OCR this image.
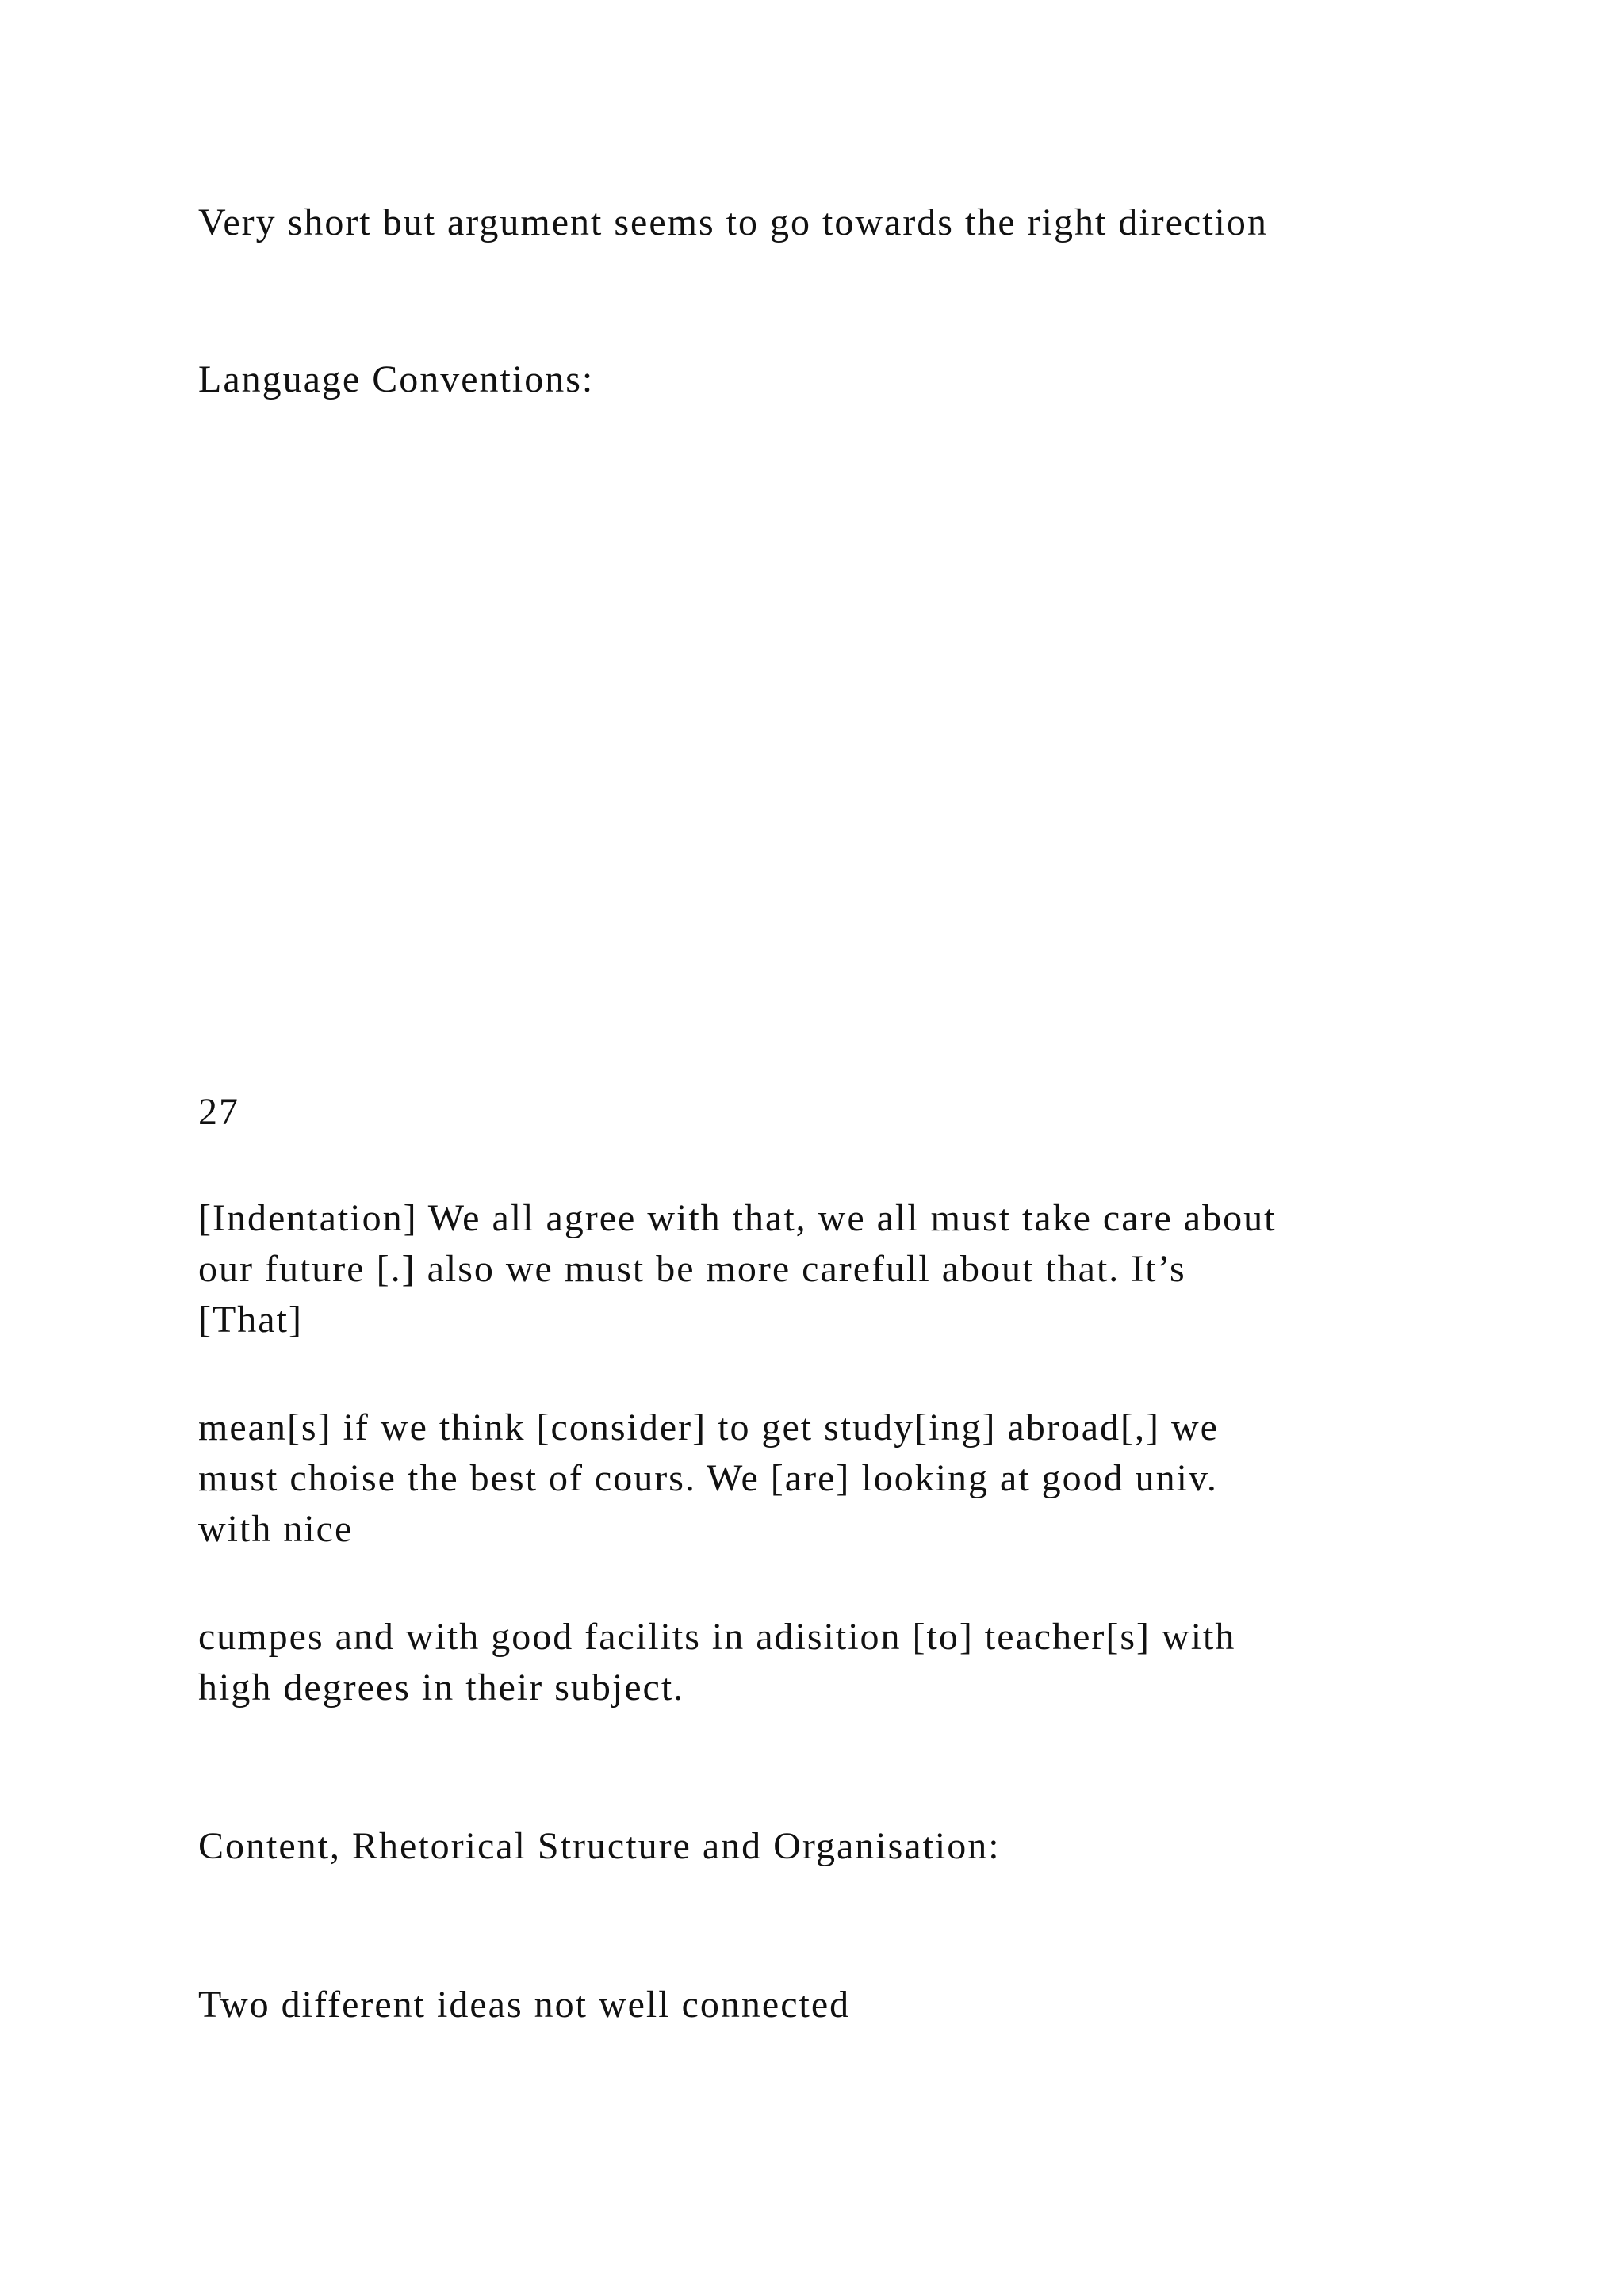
Very short but argument seems to go towards the right direction
Language Conventions:
27
[Indentation] We all agree with that, we all must take care about
our future [.] also we must be more carefull about that. It’s
[That]
mean[s] if we think [consider] to get study[ing] abroad[,] we
must choise the best of cours. We [are] looking at good univ.
with nice
cumpes and with good facilits in adisition [to] teacher[s] with
high degrees in their subject.
Content, Rhetorical Structure and Organisation:
Two different ideas not well connected
